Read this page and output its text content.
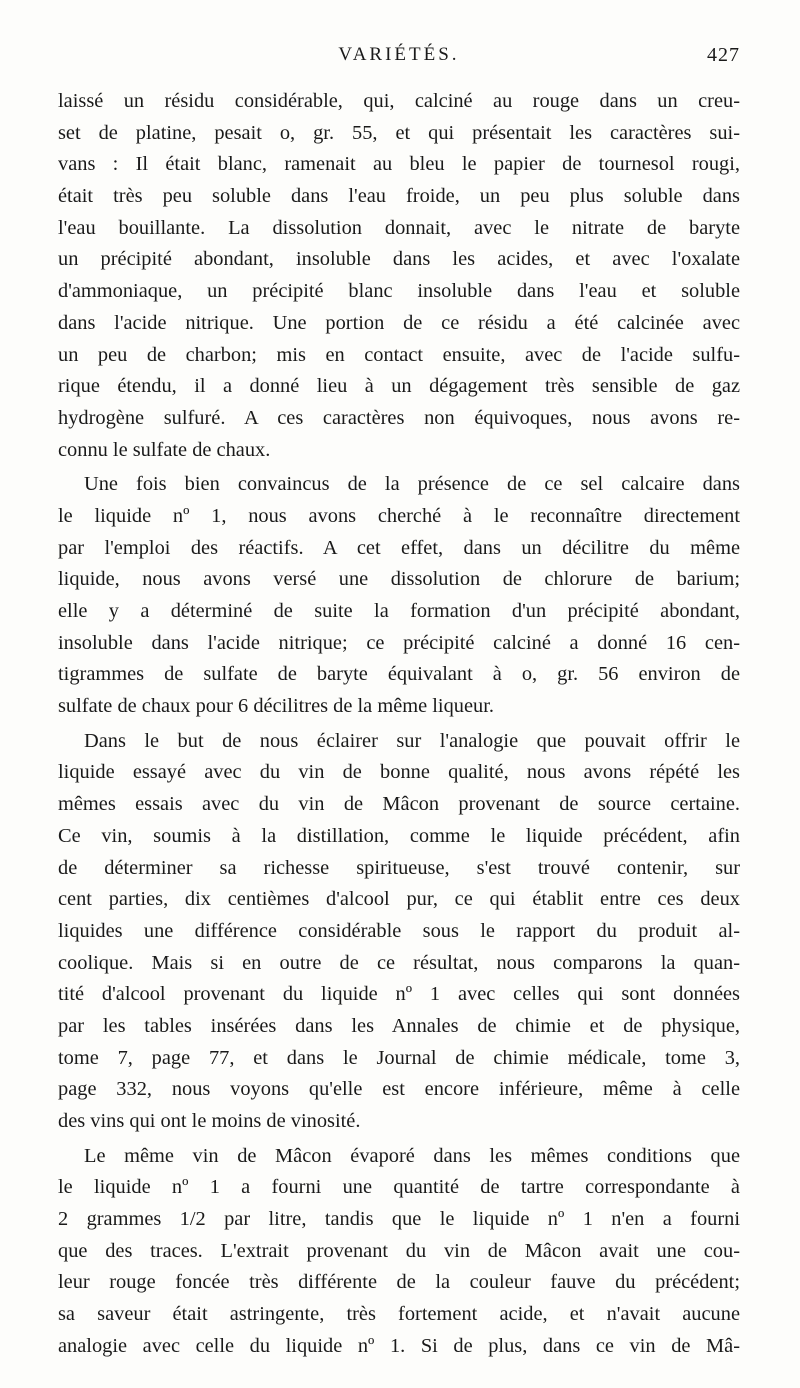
VARIÉTÉS.	427
laissé un résidu considérable, qui, calciné au rouge dans un creu-
set de platine, pesait o, gr. 55, et qui présentait les caractères sui-
vans : Il était blanc, ramenait au bleu le papier de tournesol rougi,
était très peu soluble dans l'eau froide, un peu plus soluble dans
l'eau bouillante. La dissolution donnait, avec le nitrate de baryte
un précipité abondant, insoluble dans les acides, et avec l'oxalate
d'ammoniaque, un précipité blanc insoluble dans l'eau et soluble
dans l'acide nitrique. Une portion de ce résidu a été calcinée avec
un peu de charbon; mis en contact ensuite, avec de l'acide sulfu-
rique étendu, il a donné lieu à un dégagement très sensible de gaz
hydrogène sulfuré. A ces caractères non équivoques, nous avons re-
connu le sulfate de chaux.
Une fois bien convaincus de la présence de ce sel calcaire dans
le liquide nº 1, nous avons cherché à le reconnaître directement
par l'emploi des réactifs. A cet effet, dans un décilitre du même
liquide, nous avons versé une dissolution de chlorure de barium;
elle y a déterminé de suite la formation d'un précipité abondant,
insoluble dans l'acide nitrique; ce précipité calciné a donné 16 cen-
tigrammes de sulfate de baryte équivalant à o, gr. 56 environ de
sulfate de chaux pour 6 décilitres de la même liqueur.
Dans le but de nous éclairer sur l'analogie que pouvait offrir le
liquide essayé avec du vin de bonne qualité, nous avons répété les
mêmes essais avec du vin de Mâcon provenant de source certaine.
Ce vin, soumis à la distillation, comme le liquide précédent, afin
de déterminer sa richesse spiritueuse, s'est trouvé contenir, sur
cent parties, dix centièmes d'alcool pur, ce qui établit entre ces deux
liquides une différence considérable sous le rapport du produit al-
coolique. Mais si en outre de ce résultat, nous comparons la quan-
tité d'alcool provenant du liquide nº 1 avec celles qui sont données
par les tables insérées dans les Annales de chimie et de physique,
tome 7, page 77, et dans le Journal de chimie médicale, tome 3,
page 332, nous voyons qu'elle est encore inférieure, même à celle
des vins qui ont le moins de vinosité.
Le même vin de Mâcon évaporé dans les mêmes conditions que
le liquide nº 1 a fourni une quantité de tartre correspondante à
2 grammes 1/2 par litre, tandis que le liquide nº 1 n'en a fourni
que des traces. L'extrait provenant du vin de Mâcon avait une cou-
leur rouge foncée très différente de la couleur fauve du précédent;
sa saveur était astringente, très fortement acide, et n'avait aucune
analogie avec celle du liquide nº 1. Si de plus, dans ce vin de Mâ-
